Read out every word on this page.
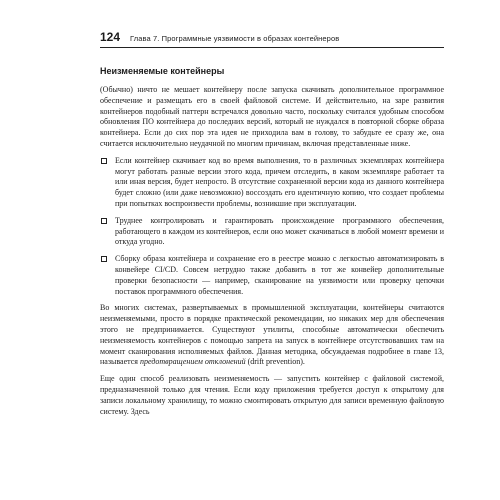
124 Глава 7. Программные уязвимости в образах контейнеров
Неизменяемые контейнеры

(Обычно) ничто не мешает контейнеру после запуска скачивать дополнительное программное обеспечение и размещать его в своей файловой системе. И действительно, на заре развития контейнеров подобный паттерн встречался довольно часто, поскольку считался удобным способом обновления ПО контейнера до последних версий, который не нуждался в повторной сборке образа контейнера. Если до сих пор эта идея не приходила вам в голову, то забудьте ее сразу же, она считается исключительно неудачной по многим причинам, включая представленные ниже.

Если контейнер скачивает код во время выполнения, то в различных экземплярах контейнера могут работать разные версии этого кода, причем отследить, в каком экземпляре работает та или иная версия, будет непросто. В отсутствие сохраненной версии кода из данного контейнера будет сложно (или даже невозможно) воссоздать его идентичную копию, что создает проблемы при попытках воспроизвести проблемы, возникшие при эксплуатации.
Труднее контролировать и гарантировать происхождение программного обеспечения, работающего в каждом из контейнеров, если оно может скачиваться в любой момент времени и откуда угодно.
Сборку образа контейнера и сохранение его в реестре можно с легкостью автоматизировать в конвейере CI/CD. Совсем нетрудно также добавить в тот же конвейер дополнительные проверки безопасности — например, сканирование на уязвимости или проверку цепочки поставок программного обеспечения.

Во многих системах, развертываемых в промышленной эксплуатации, контейнеры считаются неизменяемыми, просто в порядке практической рекомендации, но никаких мер для обеспечения этого не предпринимается. Существуют утилиты, способные автоматически обеспечить неизменяемость контейнеров с помощью запрета на запуск в контейнере отсутствовавших там на момент сканирования исполняемых файлов. Данная методика, обсуждаемая подробнее в главе 13, называется предотвращением отклонений (drift prevention).

Еще один способ реализовать неизменяемость — запустить контейнер с файловой системой, предназначенной только для чтения. Если коду приложения требуется доступ к открытому для записи локальному хранилищу, то можно смонтировать открытую для записи временную файловую систему. Здесь
